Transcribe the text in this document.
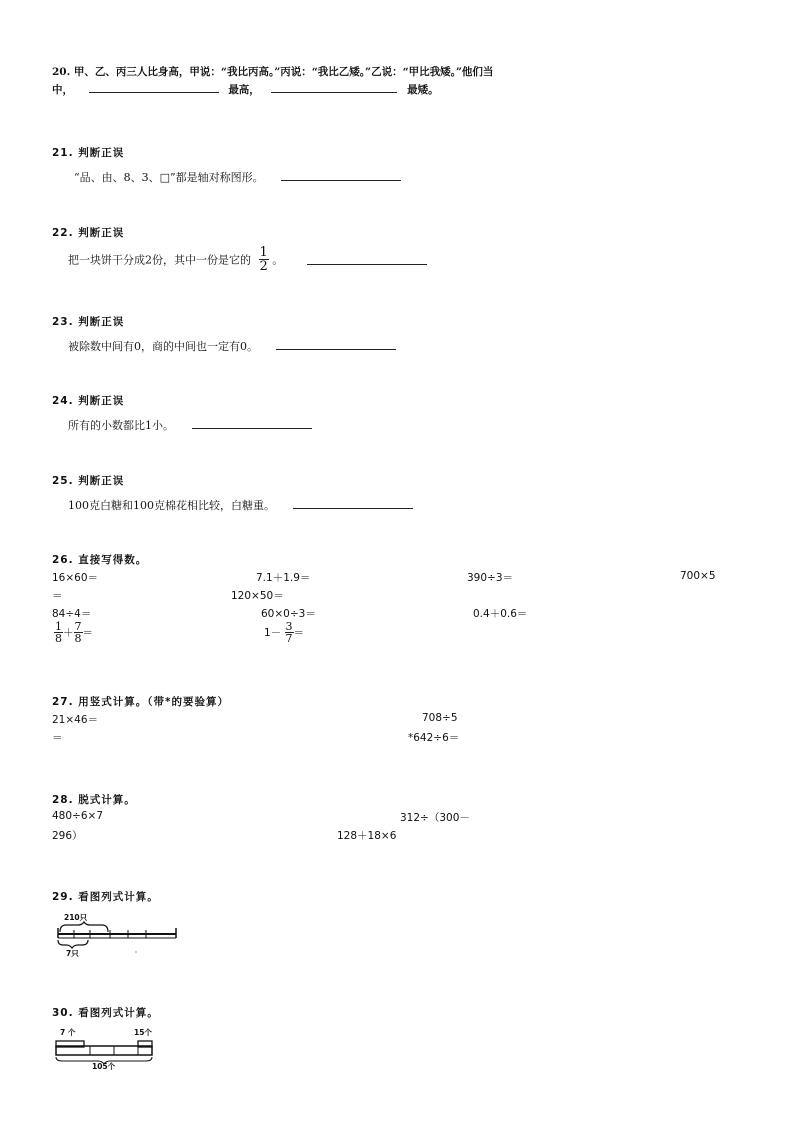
20. 甲、乙、丙三人比身高，甲说：“我比丙高。”丙说：“我比乙矮。”乙说：“甲比我矮。”他们当
中，	最高，	最矮。
21. 判断正误
“品、由、8、3、□”都是轴对称图形。
22. 判断正误
把一块饼干分成2份，其中一份是它的 $\frac{1}{2}$ 。
23. 判断正误
被除数中间有0，商的中间也一定有0。
24. 判断正误
所有的小数都比1小。
25. 判断正误
100克白糖和100克棉花相比较，白糖重。
26. 直接写得数。
16×60＝	7.1＋1.9＝	390÷3＝	700×5
＝	120×50＝
84÷4＝	60×0÷3＝	0.4＋0.6＝
$\frac{1}{8} + \frac{7}{8}$ ＝	$1- \frac{3}{7}$ ＝
27. 用竖式计算。（带*的要验算）
21×46＝	708÷5
＝	*642÷6＝
28. 脱式计算。
480÷6×7	312÷（300－
296）	128＋18×6
29. 看图列式计算。
210只
7只
30. 看图列式计算。
7 个	15个
105个
